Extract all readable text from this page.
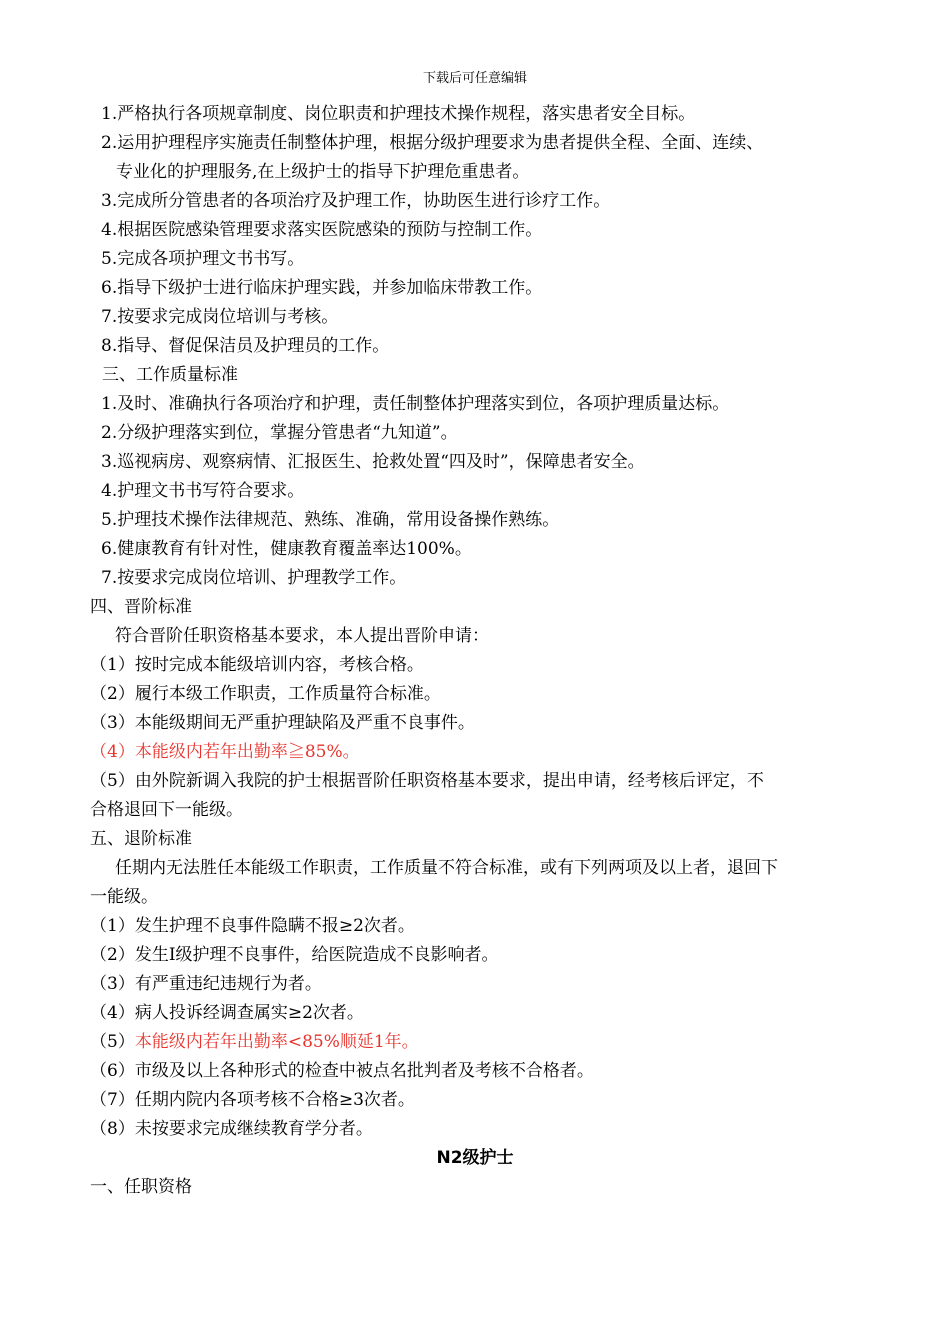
下载后可任意编辑
1.严格执行各项规章制度、岗位职责和护理技术操作规程，落实患者安全目标。
2.运用护理程序实施责任制整体护理，根据分级护理要求为患者提供全程、全面、连续、
专业化的护理服务,在上级护士的指导下护理危重患者。
3.完成所分管患者的各项治疗及护理工作，协助医生进行诊疗工作。
4.根据医院感染管理要求落实医院感染的预防与控制工作。
5.完成各项护理文书书写。
6.指导下级护士进行临床护理实践，并参加临床带教工作。
7.按要求完成岗位培训与考核。
8.指导、督促保洁员及护理员的工作。
三、工作质量标准
1.及时、准确执行各项治疗和护理，责任制整体护理落实到位，各项护理质量达标。
2.分级护理落实到位，掌握分管患者“九知道”。
3.巡视病房、观察病情、汇报医生、抢救处置“四及时”，保障患者安全。
4.护理文书书写符合要求。
5.护理技术操作法律规范、熟练、准确，常用设备操作熟练。
6.健康教育有针对性，健康教育覆盖率达100%。
7.按要求完成岗位培训、护理教学工作。
四、晋阶标准
符合晋阶任职资格基本要求，本人提出晋阶申请：
（1）按时完成本能级培训内容，考核合格。
（2）履行本级工作职责，工作质量符合标准。
（3）本能级期间无严重护理缺陷及严重不良事件。
（4）本能级内若年出勤率≧85%。
（5）由外院新调入我院的护士根据晋阶任职资格基本要求，提出申请，经考核后评定，不
合格退回下一能级。
五、退阶标准
任期内无法胜任本能级工作职责，工作质量不符合标准，或有下列两项及以上者，退回下
一能级。
（1）发生护理不良事件隐瞒不报≥2次者。
（2）发生I级护理不良事件，给医院造成不良影响者。
（3）有严重违纪违规行为者。
（4）病人投诉经调查属实≥2次者。
（5）本能级内若年出勤率<85%顺延1年。
（6）市级及以上各种形式的检查中被点名批判者及考核不合格者。
（7）任期内院内各项考核不合格≥3次者。
（8）未按要求完成继续教育学分者。
N2级护士
一、任职资格
